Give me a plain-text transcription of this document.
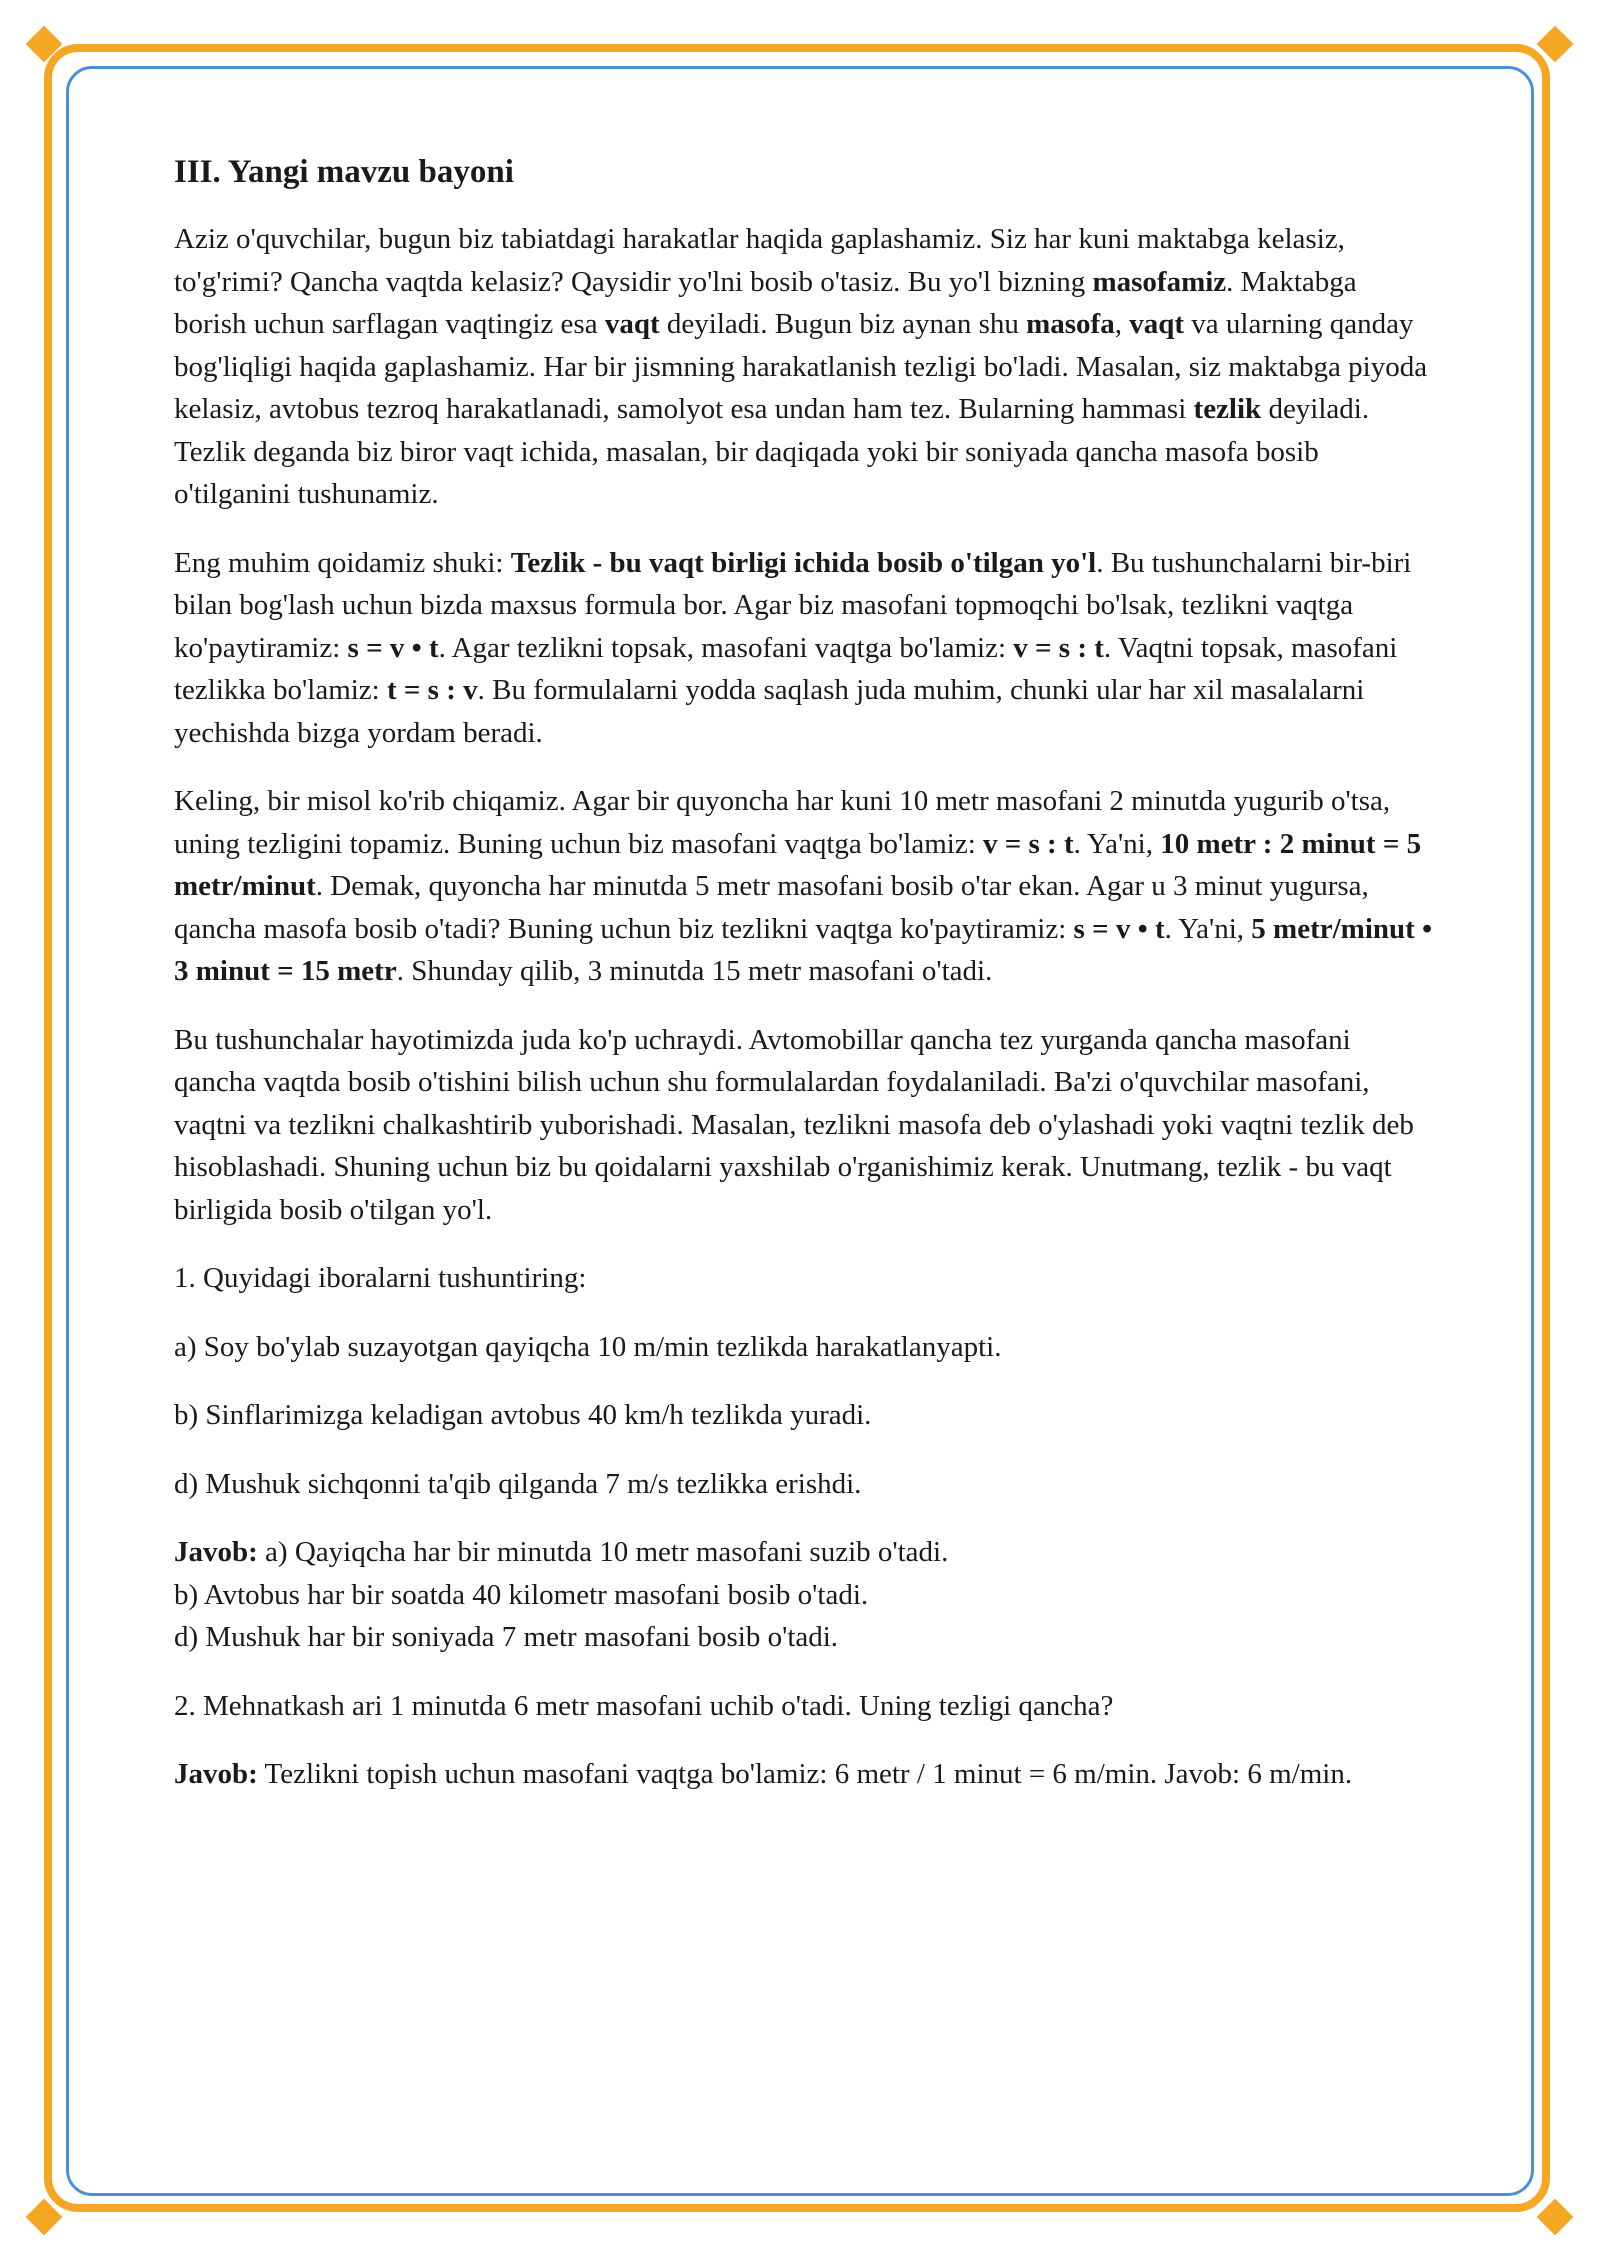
III. Yangi mavzu bayoni

Aziz o'quvchilar, bugun biz tabiatdagi harakatlar haqida gaplashamiz. Siz har kuni maktabga kelasiz, to'g'rimi? Qancha vaqtda kelasiz? Qaysidir yo'lni bosib o'tasiz. Bu yo'l bizning masofamiz. Maktabga borish uchun sarflagan vaqtingiz esa vaqt deyiladi. Bugun biz aynan shu masofa, vaqt va ularning qanday bog'liqligi haqida gaplashamiz. Har bir jismning harakatlanish tezligi bo'ladi. Masalan, siz maktabga piyoda kelasiz, avtobus tezroq harakatlanadi, samolyot esa undan ham tez. Bularning hammasi tezlik deyiladi. Tezlik deganda biz biror vaqt ichida, masalan, bir daqiqada yoki bir soniyada qancha masofa bosib o'tilganini tushunamiz.

Eng muhim qoidamiz shuki: Tezlik - bu vaqt birligi ichida bosib o'tilgan yo'l. Bu tushunchalarni bir-biri bilan bog'lash uchun bizda maxsus formula bor. Agar biz masofani topmoqchi bo'lsak, tezlikni vaqtga ko'paytiramiz: s = v • t. Agar tezlikni topsak, masofani vaqtga bo'lamiz: v = s : t. Vaqtni topsak, masofani tezlikka bo'lamiz: t = s : v. Bu formulalarni yodda saqlash juda muhim, chunki ular har xil masalalarni yechishda bizga yordam beradi.

Keling, bir misol ko'rib chiqamiz. Agar bir quyoncha har kuni 10 metr masofani 2 minutda yugurib o'tsa, uning tezligini topamiz. Buning uchun biz masofani vaqtga bo'lamiz: v = s : t. Ya'ni, 10 metr : 2 minut = 5 metr/minut. Demak, quyoncha har minutda 5 metr masofani bosib o'tar ekan. Agar u 3 minut yugursa, qancha masofa bosib o'tadi? Buning uchun biz tezlikni vaqtga ko'paytiramiz: s = v • t. Ya'ni, 5 metr/minut • 3 minut = 15 metr. Shunday qilib, 3 minutda 15 metr masofani o'tadi.

Bu tushunchalar hayotimizda juda ko'p uchraydi. Avtomobillar qancha tez yurganda qancha masofani qancha vaqtda bosib o'tishini bilish uchun shu formulalardan foydalaniladi. Ba'zi o'quvchilar masofani, vaqtni va tezlikni chalkashtirib yuborishadi. Masalan, tezlikni masofa deb o'ylashadi yoki vaqtni tezlik deb hisoblashadi. Shuning uchun biz bu qoidalarni yaxshilab o'rganishimiz kerak. Unutmang, tezlik - bu vaqt birligida bosib o'tilgan yo'l.

1. Quyidagi iboralarni tushuntiring:

a) Soy bo'ylab suzayotgan qayiqcha 10 m/min tezlikda harakatlanyapti.

b) Sinflarimizga keladigan avtobus 40 km/h tezlikda yuradi.

d) Mushuk sichqonni ta'qib qilganda 7 m/s tezlikka erishdi.

Javob: a) Qayiqcha har bir minutda 10 metr masofani suzib o'tadi.
b) Avtobus har bir soatda 40 kilometr masofani bosib o'tadi.
d) Mushuk har bir soniyada 7 metr masofani bosib o'tadi.

2. Mehnatkash ari 1 minutda 6 metr masofani uchib o'tadi. Uning tezligi qancha?

Javob: Tezlikni topish uchun masofani vaqtga bo'lamiz: 6 metr / 1 minut = 6 m/min. Javob: 6 m/min.
